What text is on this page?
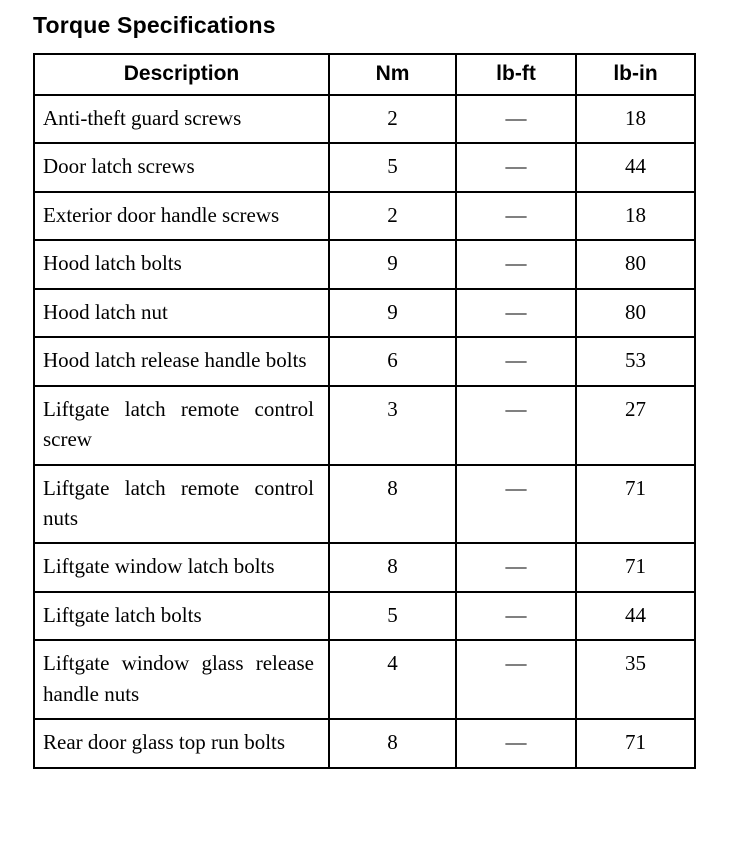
Torque Specifications
Description	Nm	lb-ft	lb-in
Anti-theft guard screws	2	—	18
Door latch screws	5	—	44
Exterior door handle screws	2	—	18
Hood latch bolts	9	—	80
Hood latch nut	9	—	80
Hood latch release handle bolts	6	—	53
Liftgate latch remote control screw	3	—	27
Liftgate latch remote control nuts	8	—	71
Liftgate window latch bolts	8	—	71
Liftgate latch bolts	5	—	44
Liftgate window glass release handle nuts	4	—	35
Rear door glass top run bolts	8	—	71
